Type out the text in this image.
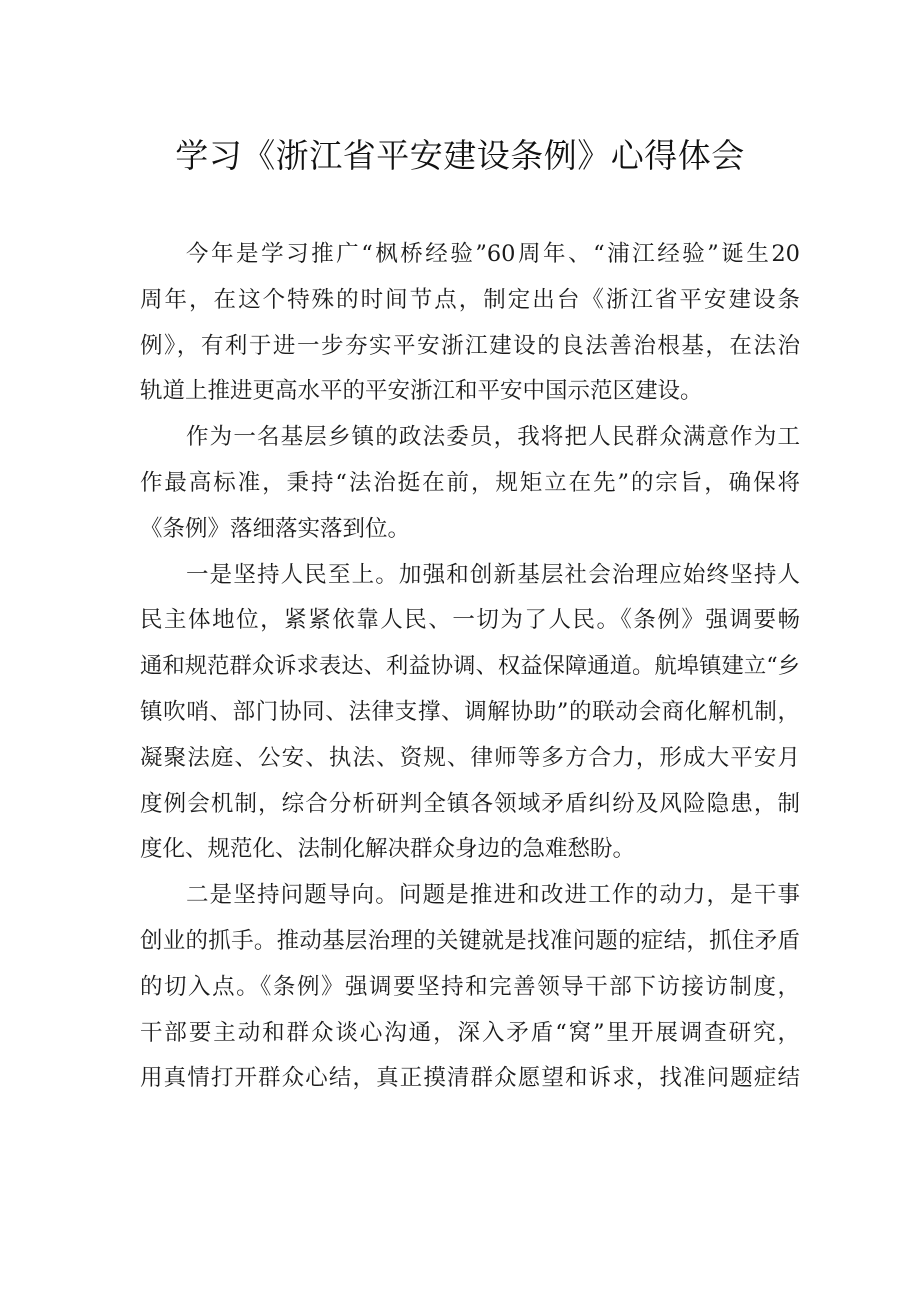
学习《浙江省平安建设条例》心得体会
今年是学习推广“枫桥经验”60周年、“浦江经验”诞生20
周年，在这个特殊的时间节点，制定出台《浙江省平安建设条
例》，有利于进一步夯实平安浙江建设的良法善治根基，在法治
轨道上推进更高水平的平安浙江和平安中国示范区建设。
作为一名基层乡镇的政法委员，我将把人民群众满意作为工
作最高标准，秉持“法治挺在前，规矩立在先”的宗旨，确保将
《条例》落细落实落到位。
一是坚持人民至上。加强和创新基层社会治理应始终坚持人
民主体地位，紧紧依靠人民、一切为了人民。《条例》强调要畅
通和规范群众诉求表达、利益协调、权益保障通道。航埠镇建立“乡
镇吹哨、部门协同、法律支撑、调解协助”的联动会商化解机制，
凝聚法庭、公安、执法、资规、律师等多方合力，形成大平安月
度例会机制，综合分析研判全镇各领域矛盾纠纷及风险隐患，制
度化、规范化、法制化解决群众身边的急难愁盼。
二是坚持问题导向。问题是推进和改进工作的动力，是干事
创业的抓手。推动基层治理的关键就是找准问题的症结，抓住矛盾
的切入点。《条例》强调要坚持和完善领导干部下访接访制度，
干部要主动和群众谈心沟通，深入矛盾“窝”里开展调查研究，
用真情打开群众心结，真正摸清群众愿望和诉求，找准问题症结
